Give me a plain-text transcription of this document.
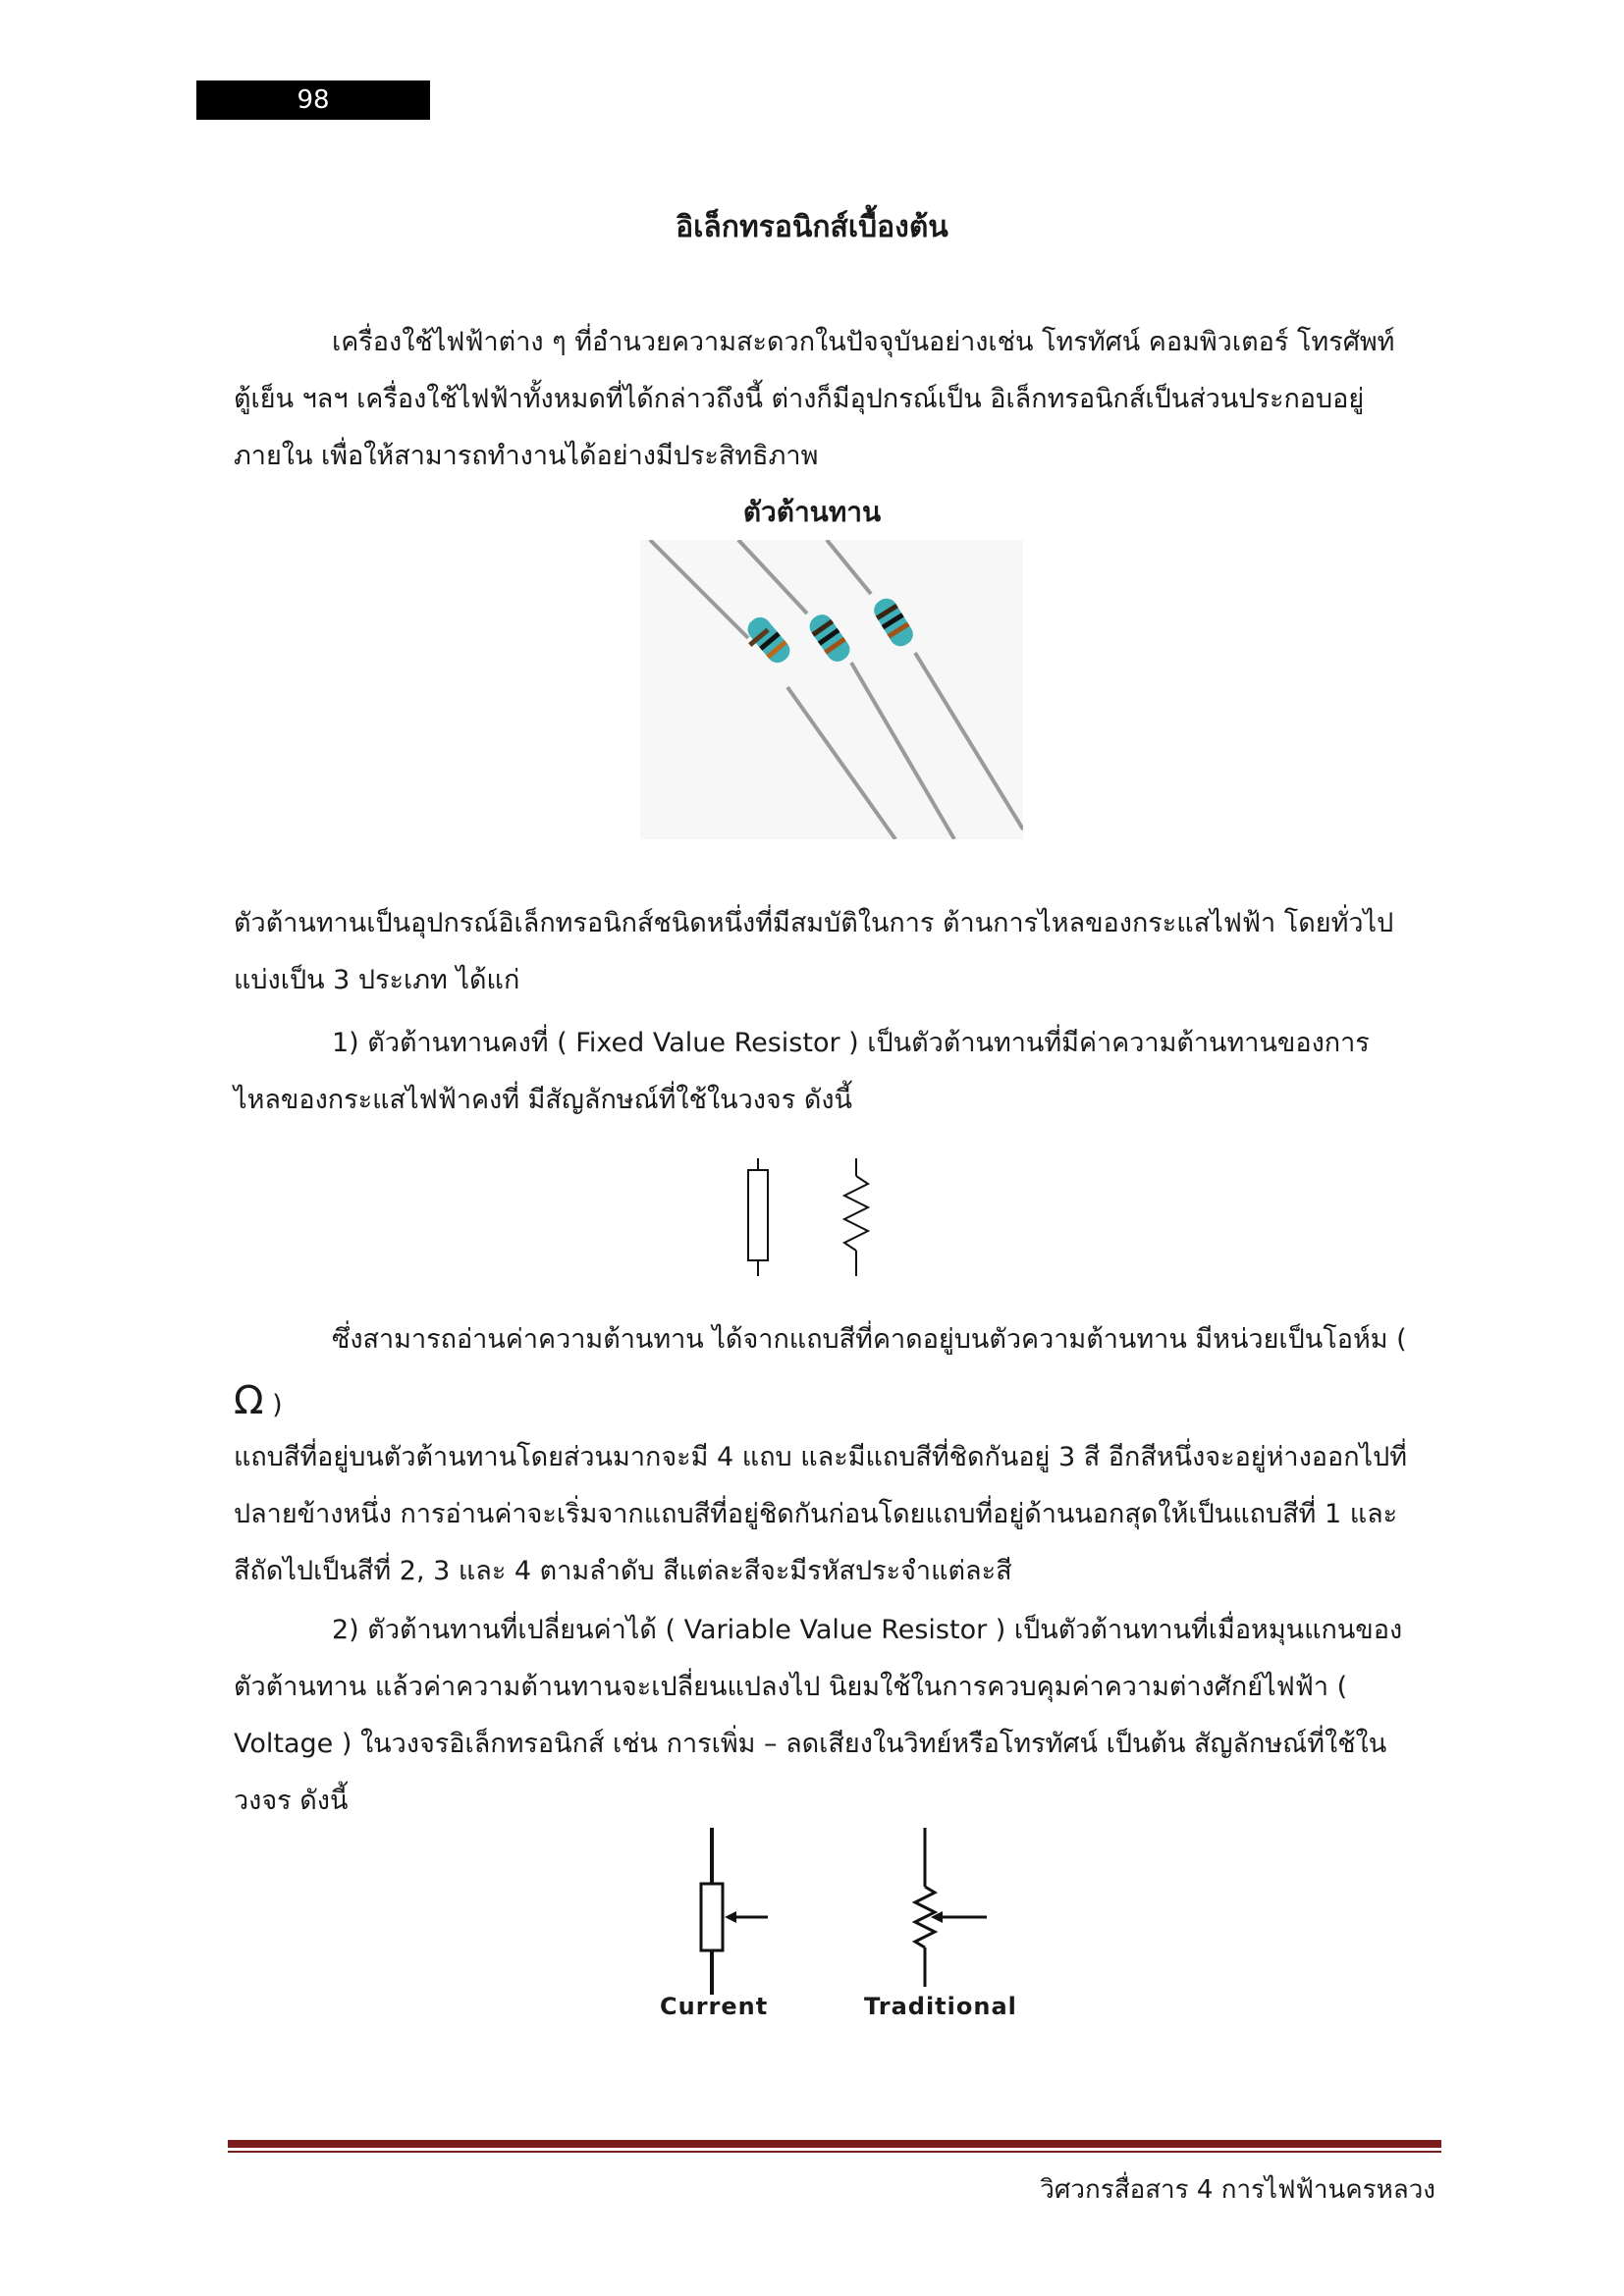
98
อิเล็กทรอนิกส์เบื้องต้น

เครื่องใช้ไฟฟ้าต่าง ๆ ที่อำนวยความสะดวกในปัจจุบันอย่างเช่น โทรทัศน์ คอมพิวเตอร์ โทรศัพท์ ตู้เย็น ฯลฯ เครื่องใช้ไฟฟ้าทั้งหมดที่ได้กล่าวถึงนี้ ต่างก็มีอุปกรณ์เป็น อิเล็กทรอนิกส์เป็นส่วนประกอบอยู่ภายใน เพื่อให้สามารถทำงานได้อย่างมีประสิทธิภาพ

ตัวต้านทาน

ตัวต้านทานเป็นอุปกรณ์อิเล็กทรอนิกส์ชนิดหนึ่งที่มีสมบัติในการ ต้านการไหลของกระแสไฟฟ้า โดยทั่วไปแบ่งเป็น 3 ประเภท ได้แก่

1) ตัวต้านทานคงที่ ( Fixed Value Resistor ) เป็นตัวต้านทานที่มีค่าความต้านทานของการไหลของกระแสไฟฟ้าคงที่ มีสัญลักษณ์ที่ใช้ในวงจร ดังนี้

ซึ่งสามารถอ่านค่าความต้านทาน ได้จากแถบสีที่คาดอยู่บนตัวความต้านทาน มีหน่วยเป็นโอห์ม (

Ω )

แถบสีที่อยู่บนตัวต้านทานโดยส่วนมากจะมี 4 แถบ และมีแถบสีที่ชิดกันอยู่ 3 สี อีกสีหนึ่งจะอยู่ห่างออกไปที่ปลายข้างหนึ่ง การอ่านค่าจะเริ่มจากแถบสีที่อยู่ชิดกันก่อนโดยแถบที่อยู่ด้านนอกสุดให้เป็นแถบสีที่ 1 และสีถัดไปเป็นสีที่ 2, 3 และ 4 ตามลำดับ สีแต่ละสีจะมีรหัสประจำแต่ละสี

2) ตัวต้านทานที่เปลี่ยนค่าได้ ( Variable Value Resistor ) เป็นตัวต้านทานที่เมื่อหมุนแกนของตัวต้านทาน แล้วค่าความต้านทานจะเปลี่ยนแปลงไป นิยมใช้ในการควบคุมค่าความต่างศักย์ไฟฟ้า ( Voltage ) ในวงจรอิเล็กทรอนิกส์ เช่น การเพิ่ม – ลดเสียงในวิทย์หรือโทรทัศน์ เป็นต้น สัญลักษณ์ที่ใช้ในวงจร ดังนี้

Current	Traditional
วิศวกรสื่อสาร 4 การไฟฟ้านครหลวง
